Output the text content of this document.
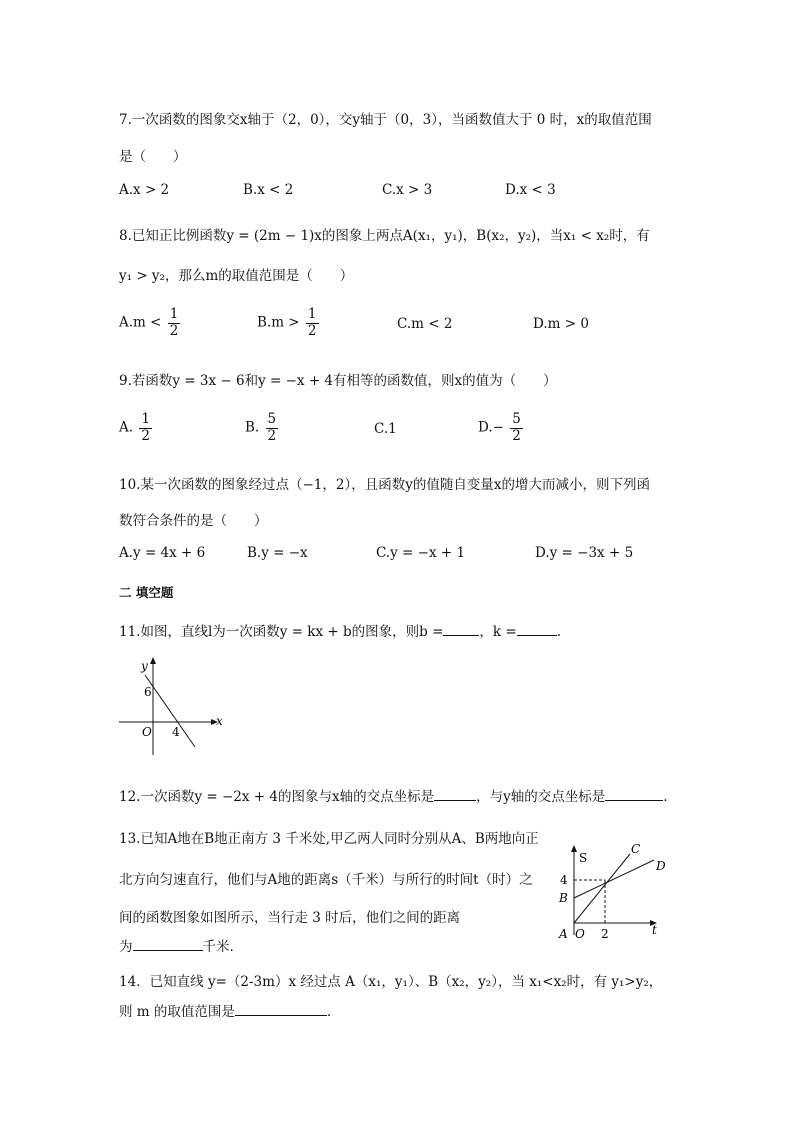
7.一次函数的图象交x轴于（2，0），交y轴于（0，3），当函数值大于 0 时，x的取值范围
是（　　）
A.x > 2	B.x < 2	C.x > 3	D.x < 3
8.已知正比例函数y = (2m − 1)x的图象上两点A(x₁，y₁)，B(x₂，y₂)，当x₁ < x₂时，有
y₁ > y₂，那么m的取值范围是（　　）
$A.m < \frac{1}{2}$	$B.m > \frac{1}{2}$	C.m < 2	D.m > 0
9.若函数y = 3x − 6和y = −x + 4有相等的函数值，则x的值为（　　）
A. $\frac{1}{2}$	B. $\frac{5}{2}$	C.1	$D.- \frac{5}{2}$
10.某一次函数的图象经过点（−1，2），且函数y的值随自变量x的增大而减小，则下列函
数符合条件的是（　　）
A.y = 4x + 6	B.y = −x	C.y = −x + 1	D.y = −3x + 5
二 填空题
11.如图，直线l为一次函数y = kx + b的图象，则b =	，k =	.
y
x
6
O 4
12.一次函数y = −2x + 4的图象与x轴的交点坐标是	，与y轴的交点坐标是	.
13.已知A地在B地正南方 3 千米处,甲乙两人同时分别从A、B两地向正
北方向匀速直行，他们与A地的距离s（千米）与所行的时间t（时）之
间的函数图象如图所示，当行走 3 时后，他们之间的距离
为	千米.
S
t
C
D
4
B
A O 2
14．已知直线 y=（2-3m）x 经过点 A（x₁，y₁）、B（x₂，y₂），当 x₁<x₂时，有 y₁>y₂，
则 m 的取值范围是	.
